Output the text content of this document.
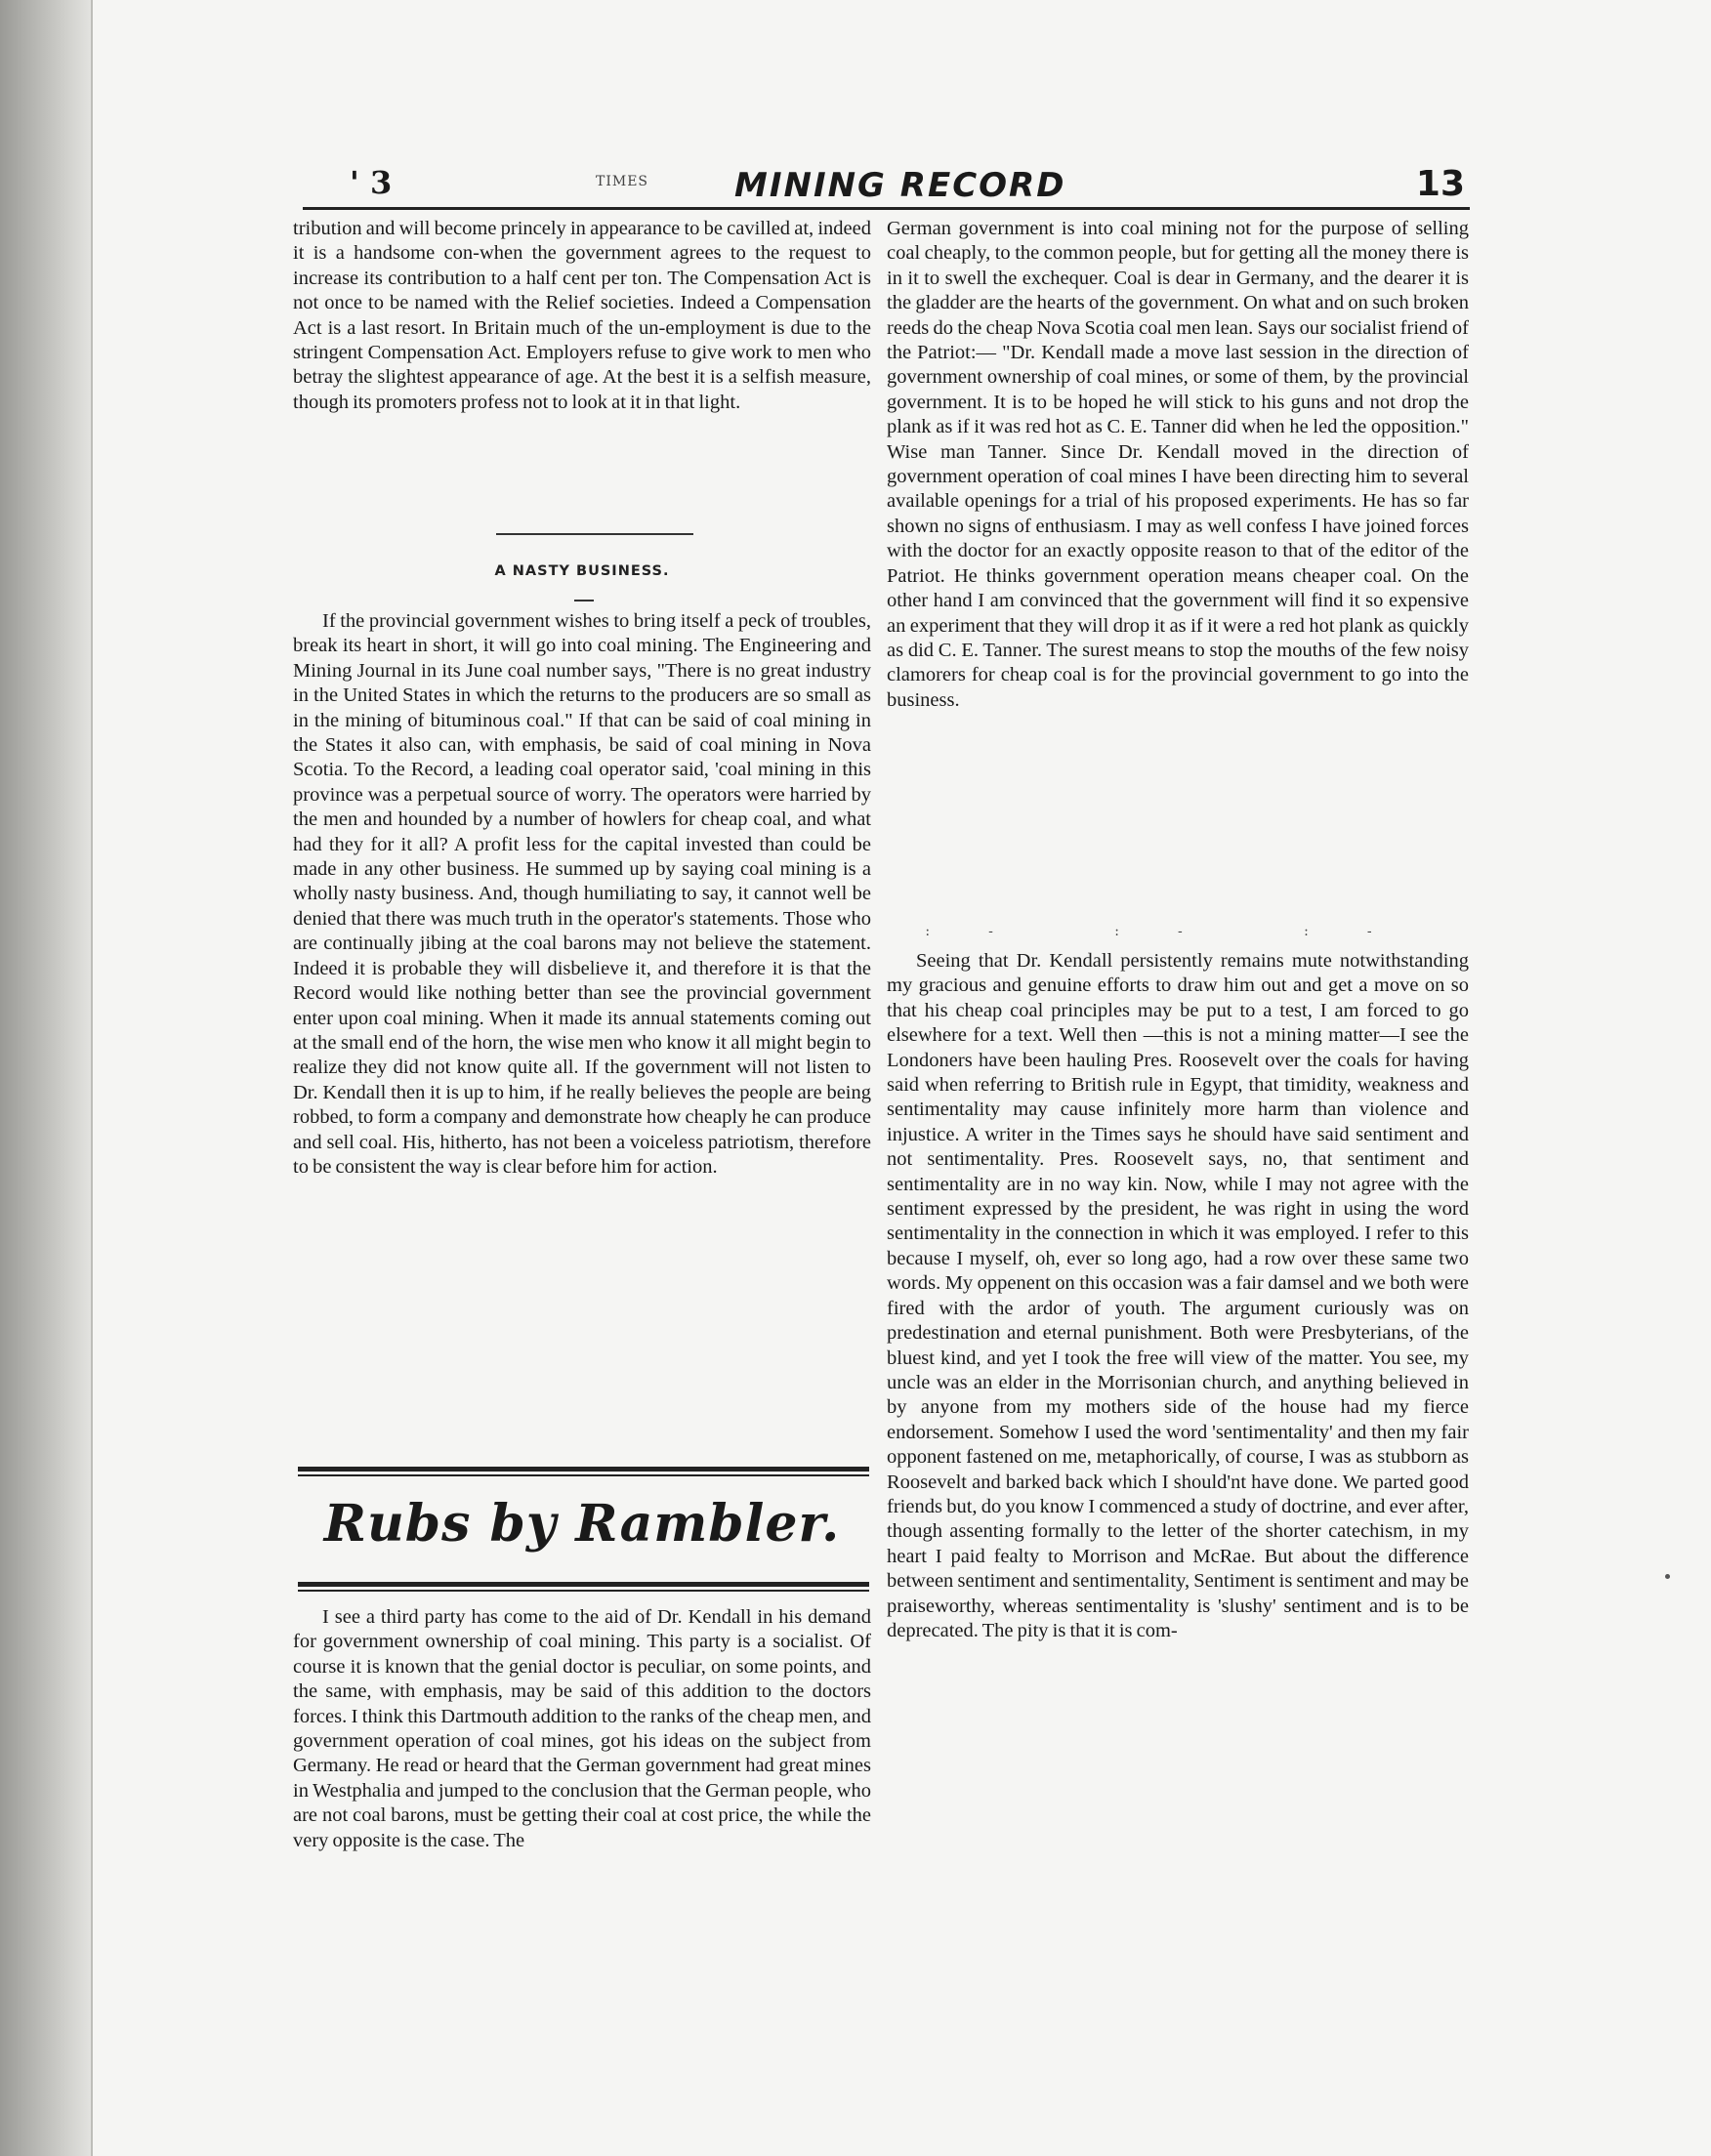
' 3	TIMES	MINING RECORD	13

tribution and will become princely in appearance to be cavilled at, indeed it is a handsome con-when the government agrees to the request to increase its contribution to a half cent per ton. The Compensation Act is not once to be named with the Relief societies. Indeed a Compensation Act is a last resort. In Britain much of the un-employment is due to the stringent Compensation Act. Employers refuse to give work to men who betray the slightest appearance of age. At the best it is a selfish measure, though its promoters profess not to look at it in that light.

A NASTY BUSINESS.

If the provincial government wishes to bring itself a peck of troubles, break its heart in short, it will go into coal mining. The Engineering and Mining Journal in its June coal number says, "There is no great industry in the United States in which the returns to the producers are so small as in the mining of bituminous coal." If that can be said of coal mining in the States it also can, with emphasis, be said of coal mining in Nova Scotia. To the Record, a leading coal operator said, 'coal mining in this province was a perpetual source of worry. The operators were harried by the men and hounded by a number of howlers for cheap coal, and what had they for it all? A profit less for the capital invested than could be made in any other business. He summed up by saying coal mining is a wholly nasty business. And, though humiliating to say, it cannot well be denied that there was much truth in the operator's statements. Those who are continually jibing at the coal barons may not believe the statement. Indeed it is probable they will disbelieve it, and therefore it is that the Record would like nothing better than see the provincial government enter upon coal mining. When it made its annual statements coming out at the small end of the horn, the wise men who know it all might begin to realize they did not know quite all. If the government will not listen to Dr. Kendall then it is up to him, if he really believes the people are being robbed, to form a company and demonstrate how cheaply he can produce and sell coal. His, hitherto, has not been a voiceless patriotism, therefore to be consistent the way is clear before him for action.

Rubs by Rambler.

I see a third party has come to the aid of Dr. Kendall in his demand for government ownership of coal mining. This party is a socialist. Of course it is known that the genial doctor is peculiar, on some points, and the same, with emphasis, may be said of this addition to the doctors forces. I think this Dartmouth addition to the ranks of the cheap men, and government operation of coal mines, got his ideas on the subject from Germany. He read or heard that the German government had great mines in Westphalia and jumped to the conclusion that the German people, who are not coal barons, must be getting their coal at cost price, the while the very opposite is the case. The

German government is into coal mining not for the purpose of selling coal cheaply, to the common people, but for getting all the money there is in it to swell the exchequer. Coal is dear in Germany, and the dearer it is the gladder are the hearts of the government. On what and on such broken reeds do the cheap Nova Scotia coal men lean. Says our socialist friend of the Patriot:— "Dr. Kendall made a move last session in the direction of government ownership of coal mines, or some of them, by the provincial government. It is to be hoped he will stick to his guns and not drop the plank as if it was red hot as C. E. Tanner did when he led the opposition." Wise man Tanner. Since Dr. Kendall moved in the direction of government operation of coal mines I have been directing him to several available openings for a trial of his proposed experiments. He has so far shown no signs of enthusiasm. I may as well confess I have joined forces with the doctor for an exactly opposite reason to that of the editor of the Patriot. He thinks government operation means cheaper coal. On the other hand I am convinced that the government will find it so expensive an experiment that they will drop it as if it were a red hot plank as quickly as did C. E. Tanner. The surest means to stop the mouths of the few noisy clamorers for cheap coal is for the provincial government to go into the business.

:- :- :-

Seeing that Dr. Kendall persistently remains mute notwithstanding my gracious and genuine efforts to draw him out and get a move on so that his cheap coal principles may be put to a test, I am forced to go elsewhere for a text. Well then —this is not a mining matter—I see the Londoners have been hauling Pres. Roosevelt over the coals for having said when referring to British rule in Egypt, that timidity, weakness and sentimentality may cause infinitely more harm than violence and injustice. A writer in the Times says he should have said sentiment and not sentimentality. Pres. Roosevelt says, no, that sentiment and sentimentality are in no way kin. Now, while I may not agree with the sentiment expressed by the president, he was right in using the word sentimentality in the connection in which it was employed. I refer to this because I myself, oh, ever so long ago, had a row over these same two words. My oppenent on this occasion was a fair damsel and we both were fired with the ardor of youth. The argument curiously was on predestination and eternal punishment. Both were Presbyterians, of the bluest kind, and yet I took the free will view of the matter. You see, my uncle was an elder in the Morrisonian church, and anything believed in by anyone from my mothers side of the house had my fierce endorsement. Somehow I used the word 'sentimentality' and then my fair opponent fastened on me, metaphorically, of course, I was as stubborn as Roosevelt and barked back which I should'nt have done. We parted good friends but, do you know I commenced a study of doctrine, and ever after, though assenting formally to the letter of the shorter catechism, in my heart I paid fealty to Morrison and McRae. But about the difference between sentiment and sentimentality, Sentiment is sentiment and may be praiseworthy, whereas sentimentality is 'slushy' sentiment and is to be deprecated. The pity is that it is com-
